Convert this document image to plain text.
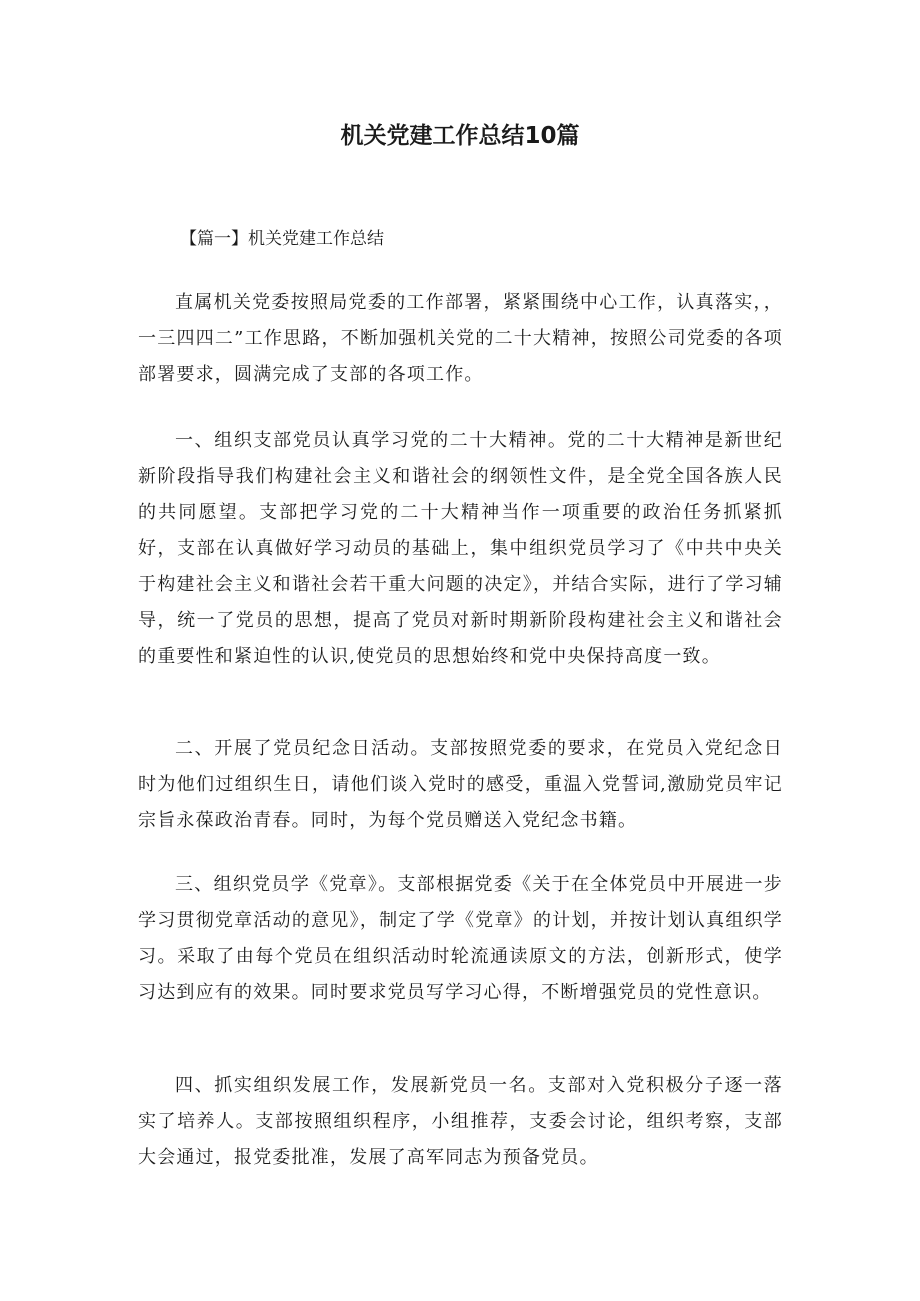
机关党建工作总结10篇

【篇一】机关党建工作总结

直属机关党委按照局党委的工作部署，紧紧围绕中心工作，认真落实，，一三四四二”工作思路，不断加强机关党的二十大精神，按照公司党委的各项部署要求，圆满完成了支部的各项工作。

一、组织支部党员认真学习党的二十大精神。党的二十大精神是新世纪新阶段指导我们构建社会主义和谐社会的纲领性文件，是全党全国各族人民的共同愿望。支部把学习党的二十大精神当作一项重要的政治任务抓紧抓好，支部在认真做好学习动员的基础上，集中组织党员学习了《中共中央关于构建社会主义和谐社会若干重大问题的决定》，并结合实际，进行了学习辅导，统一了党员的思想，提高了党员对新时期新阶段构建社会主义和谐社会的重要性和紧迫性的认识,使党员的思想始终和党中央保持高度一致。

二、开展了党员纪念日活动。支部按照党委的要求，在党员入党纪念日时为他们过组织生日，请他们谈入党时的感受，重温入党誓词,激励党员牢记宗旨永葆政治青春。同时，为每个党员赠送入党纪念书籍。

三、组织党员学《党章》。支部根据党委《关于在全体党员中开展进一步学习贯彻党章活动的意见》，制定了学《党章》的计划，并按计划认真组织学习。采取了由每个党员在组织活动时轮流通读原文的方法，创新形式，使学习达到应有的效果。同时要求党员写学习心得，不断增强党员的党性意识。

四、抓实组织发展工作，发展新党员一名。支部对入党积极分子逐一落实了培养人。支部按照组织程序，小组推荐，支委会讨论，组织考察，支部大会通过，报党委批准，发展了高军同志为预备党员。
